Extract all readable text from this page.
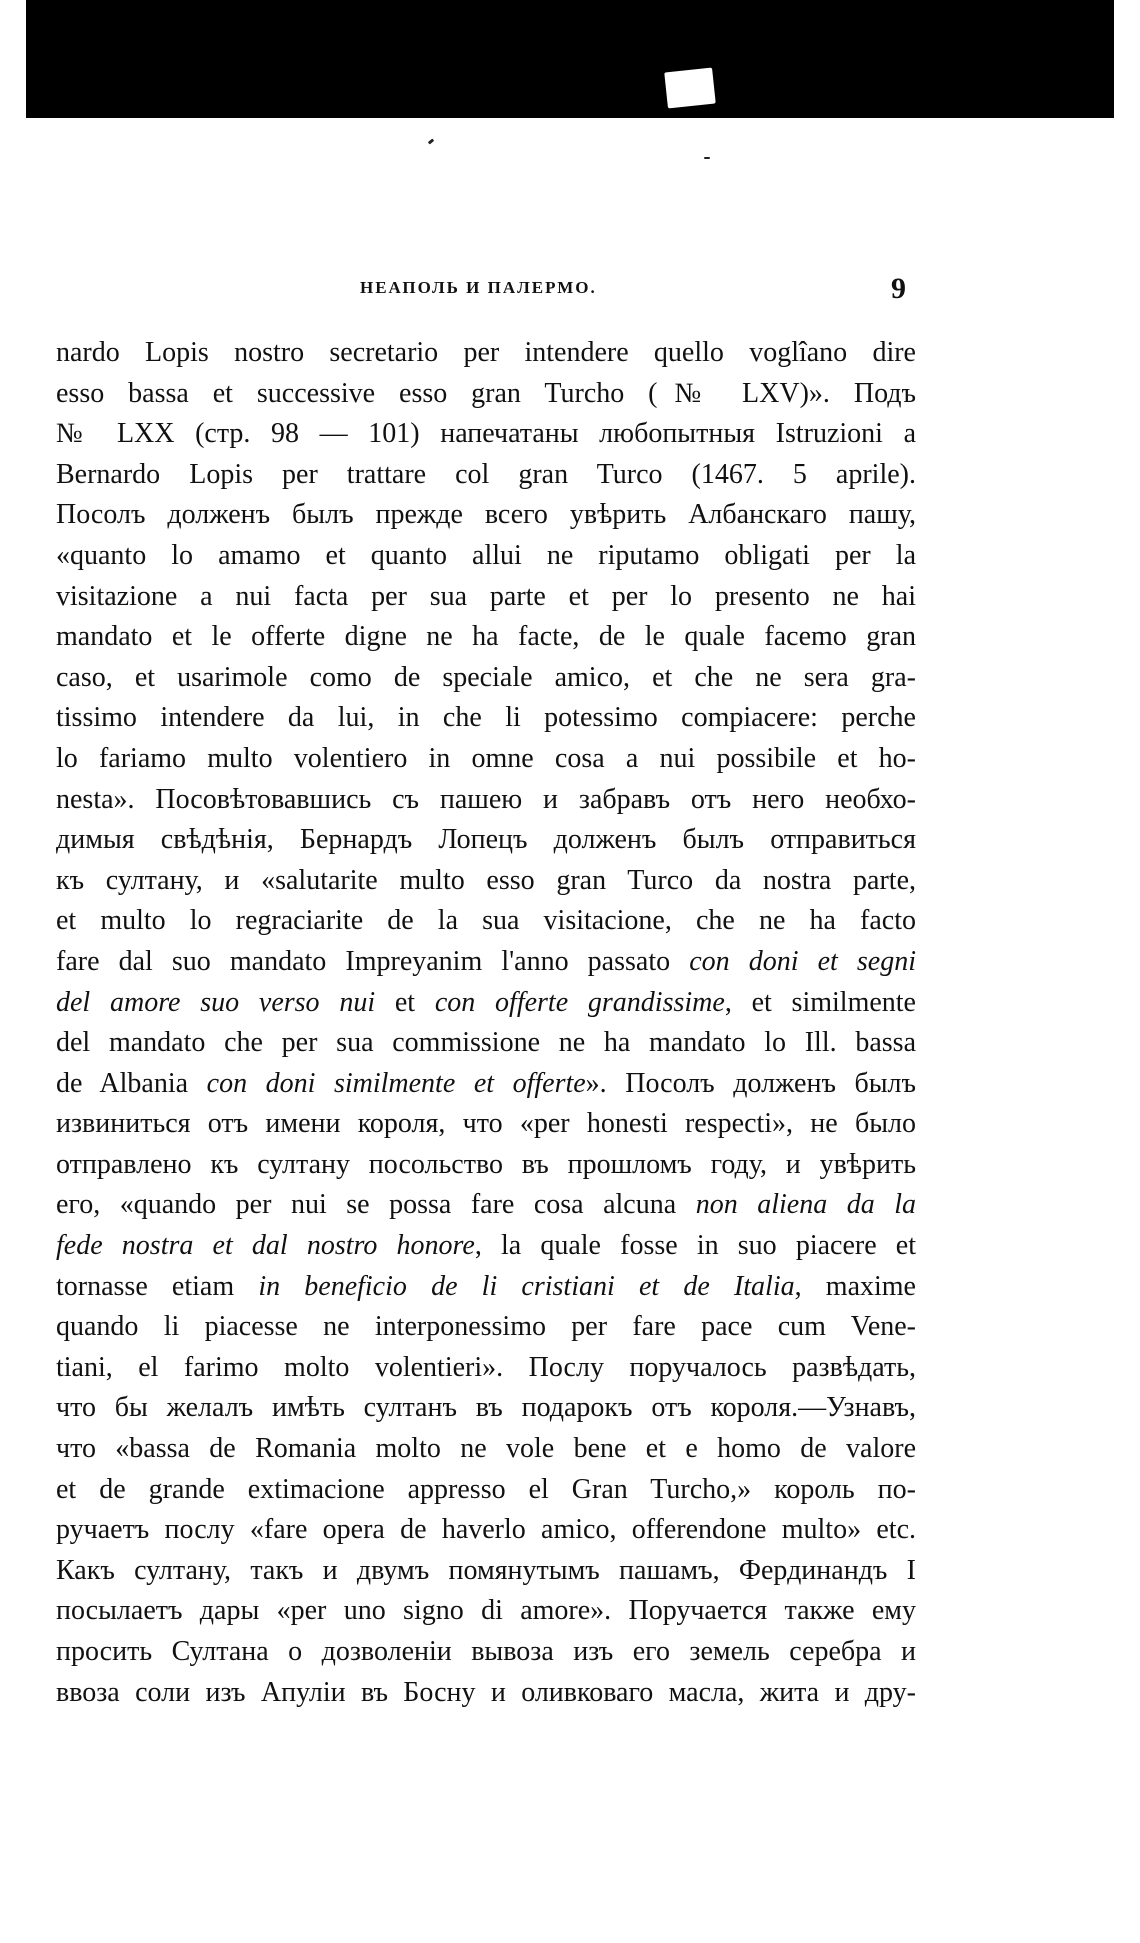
НЕАПОЛЬ И ПАЛЕРМО.	9
nardo Lopis nostro secretario per intendere quello voglîano dire
esso bassa et successive esso gran Turcho (№ LXV)». Подъ
№ LXX (стр. 98 — 101) напечатаны любопытныя Istruzioni a
Bernardo Lopis per trattare col gran Turco (1467. 5 aprile).
Посолъ долженъ былъ прежде всего увѣрить Албанскаго пашу,
«quanto lo amamo et quanto allui ne riputamo obligati per la
visitazione a nui facta per sua parte et per lo presento ne hai
mandato et le offerte digne ne ha facte, de le quale facemo gran
caso, et usarimole como de speciale amico, et che ne sera gra-
tissimo intendere da lui, in che li potessimo compiacere: perche
lo fariamo multo volentiero in omne cosa a nui possibile et ho-
nesta». Посовѣтовавшись съ пашею и забравъ отъ него необхо-
димыя свѣдѣнія, Бернардъ Лопецъ долженъ былъ отправиться
къ султану, и «salutarite multo esso gran Turco da nostra parte,
et multo lo regraciarite de la sua visitacione, che ne ha facto
fare dal suo mandato Impreyanim l'anno passato con doni et segni
del amore suo verso nui et con offerte grandissime, et similmente
del mandato che per sua commissione ne ha mandato lo Ill. bassa
de Albania con doni similmente et offerte». Посолъ долженъ былъ
извиниться отъ имени короля, что «per honesti respecti», не было
отправлено къ султану посольство въ прошломъ году, и увѣрить
его, «quando per nui se possa fare cosa alcuna non aliena da la
fede nostra et dal nostro honore, la quale fosse in suo piacere et
tornasse etiam in beneficio de li cristiani et de Italia, maxime
quando li piacesse ne interponessimo per fare pace cum Vene-
tiani, el farimo molto volentieri». Послу поручалось развѣдать,
что бы желалъ имѣть султанъ въ подарокъ отъ короля.—Узнавъ,
что «bassa de Romania molto ne vole bene et e homo de valore
et de grande extimacione appresso el Gran Turcho,» король по-
ручаетъ послу «fare opera de haverlo amico, offerendone multo» etc.
Какъ султану, такъ и двумъ помянутымъ пашамъ, Фердинандъ I
посылаетъ дары «per uno signo di amore». Поручается также ему
просить Султана о дозволеніи вывоза изъ его земель серебра и
ввоза соли изъ Апуліи въ Босну и оливковаго масла, жита и дру-
